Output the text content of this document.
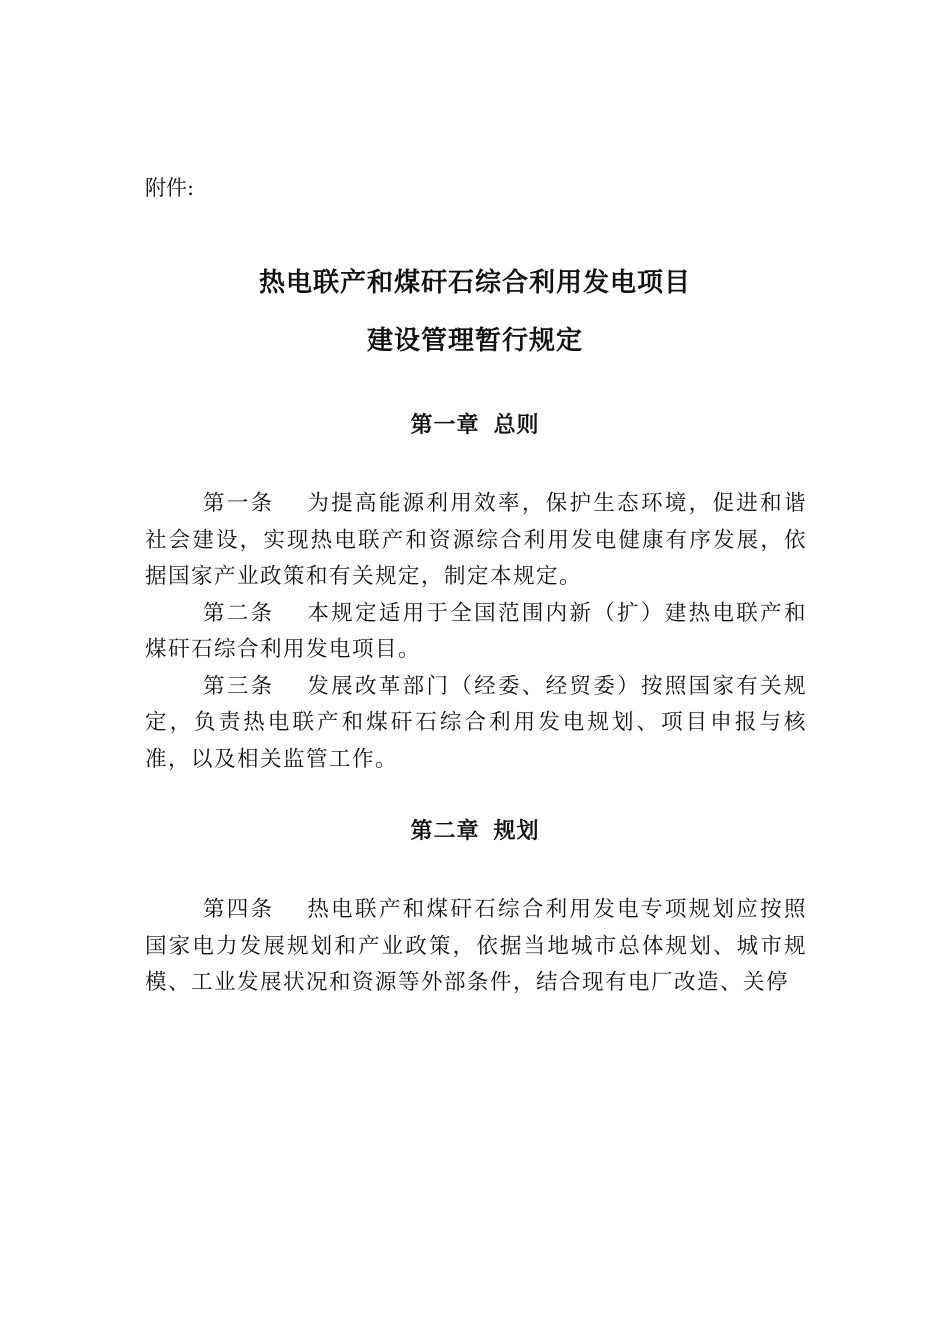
附件:
热电联产和煤矸石综合利用发电项目
建设管理暂行规定
第一章 总则

第一条 为提高能源利用效率，保护生态环境，促进和谐社会建设，实现热电联产和资源综合利用发电健康有序发展，依据国家产业政策和有关规定，制定本规定。

第二条 本规定适用于全国范围内新（扩）建热电联产和煤矸石综合利用发电项目。

第三条 发展改革部门（经委、经贸委）按照国家有关规定，负责热电联产和煤矸石综合利用发电规划、项目申报与核准，以及相关监管工作。

第二章 规划

第四条 热电联产和煤矸石综合利用发电专项规划应按照国家电力发展规划和产业政策，依据当地城市总体规划、城市规模、工业发展状况和资源等外部条件，结合现有电厂改造、关停
